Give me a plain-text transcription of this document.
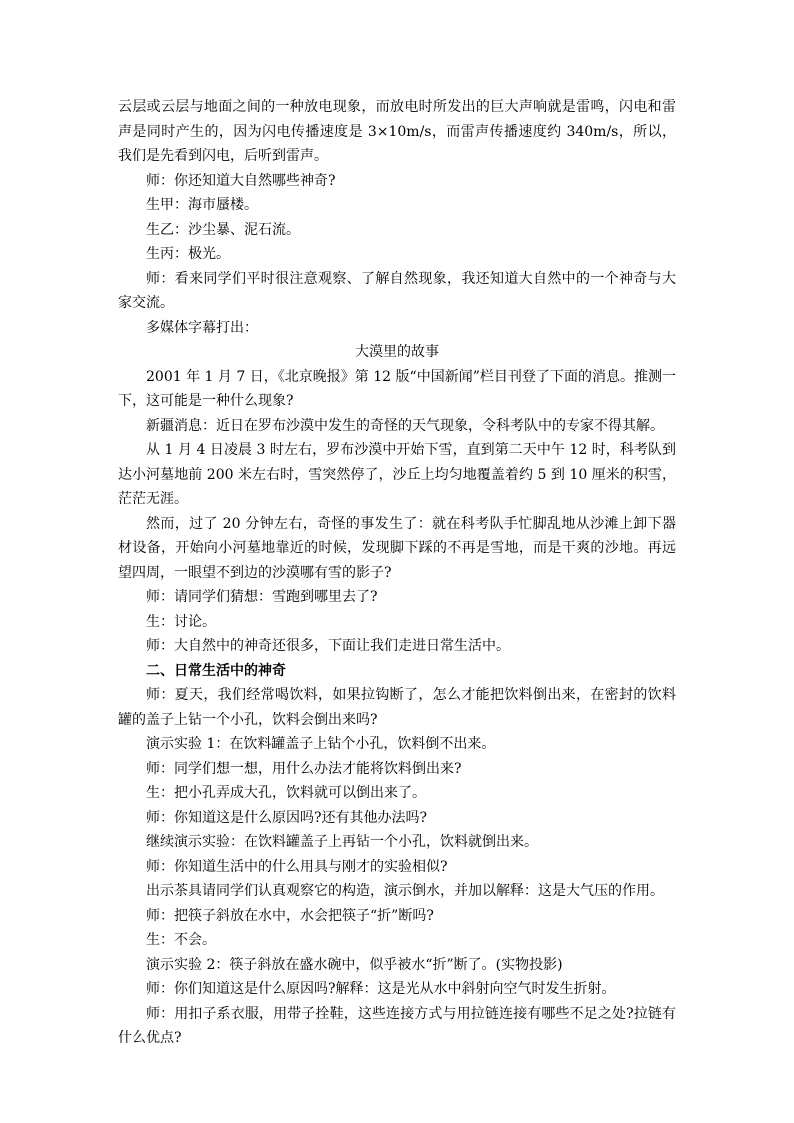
云层或云层与地面之间的一种放电现象，而放电时所发出的巨大声响就是雷鸣，闪电和雷声是同时产生的，因为闪电传播速度是 3×10m/s，而雷声传播速度约 340m/s，所以，我们是先看到闪电，后听到雷声。

师：你还知道大自然哪些神奇?

生甲：海市蜃楼。

生乙：沙尘暴、泥石流。

生丙：极光。

师：看来同学们平时很注意观察、了解自然现象，我还知道大自然中的一个神奇与大家交流。

多媒体字幕打出：

大漠里的故事

2001 年 1 月 7 日，《北京晚报》第 12 版“中国新闻”栏目刊登了下面的消息。推测一下，这可能是一种什么现象?

新疆消息：近日在罗布沙漠中发生的奇怪的天气现象，令科考队中的专家不得其解。

从 1 月 4 日凌晨 3 时左右，罗布沙漠中开始下雪，直到第二天中午 12 时，科考队到达小河墓地前 200 米左右时，雪突然停了，沙丘上均匀地覆盖着约 5 到 10 厘米的积雪，茫茫无涯。

然而，过了 20 分钟左右，奇怪的事发生了：就在科考队手忙脚乱地从沙滩上卸下器材设备，开始向小河墓地靠近的时候，发现脚下踩的不再是雪地，而是干爽的沙地。再远望四周，一眼望不到边的沙漠哪有雪的影子?

师：请同学们猜想：雪跑到哪里去了?

生：讨论。

师：大自然中的神奇还很多，下面让我们走进日常生活中。

二、日常生活中的神奇

师：夏天，我们经常喝饮料，如果拉钩断了，怎么才能把饮料倒出来，在密封的饮料罐的盖子上钻一个小孔，饮料会倒出来吗?

演示实验 1：在饮料罐盖子上钻个小孔，饮料倒不出来。

师：同学们想一想，用什么办法才能将饮料倒出来?

生：把小孔弄成大孔，饮料就可以倒出来了。

师：你知道这是什么原因吗?还有其他办法吗?

继续演示实验：在饮料罐盖子上再钻一个小孔，饮料就倒出来。

师：你知道生活中的什么用具与刚才的实验相似?

出示茶具请同学们认真观察它的构造，演示倒水，并加以解释：这是大气压的作用。

师：把筷子斜放在水中，水会把筷子“折”断吗?

生：不会。

演示实验 2：筷子斜放在盛水碗中，似乎被水“折”断了。(实物投影)

师：你们知道这是什么原因吗?解释：这是光从水中斜射向空气时发生折射。

师：用扣子系衣服，用带子拴鞋，这些连接方式与用拉链连接有哪些不足之处?拉链有什么优点?
